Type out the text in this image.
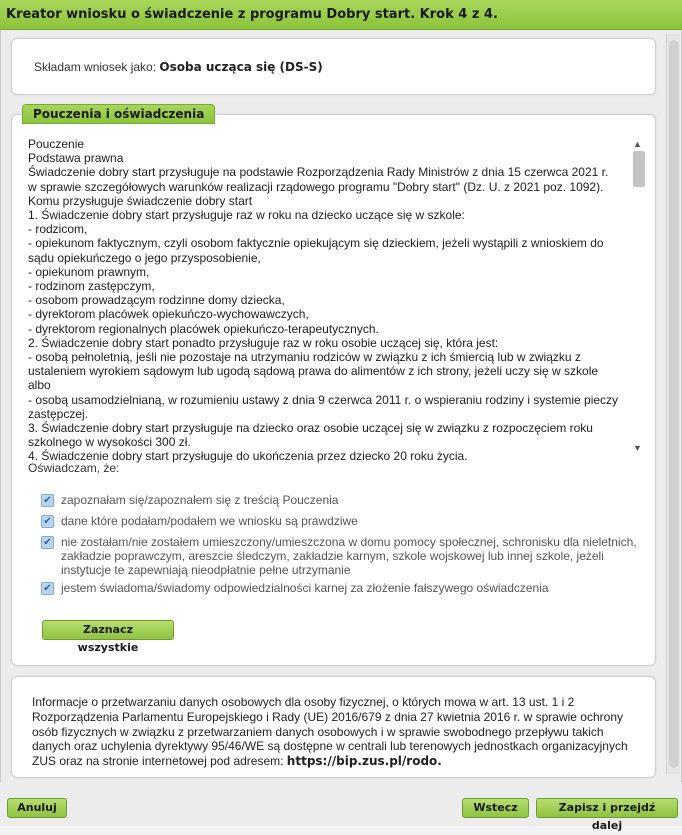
Kreator wniosku o świadczenie z programu Dobry start. Krok 4 z 4.
Składam wniosek jako: Osoba ucząca się (DS-S)
Pouczenie
Podstawa prawna
Świadczenie dobry start przysługuje na podstawie Rozporządzenia Rady Ministrów z dnia 15 czerwca 2021 r.
w sprawie szczegółowych warunków realizacji rządowego programu "Dobry start" (Dz. U. z 2021 poz. 1092).
Komu przysługuje świadczenie dobry start
1. Świadczenie dobry start przysługuje raz w roku na dziecko uczące się w szkole:
- rodzicom,
- opiekunom faktycznym, czyli osobom faktycznie opiekującym się dzieckiem, jeżeli wystąpili z wnioskiem do
sądu opiekuńczego o jego przysposobienie,
- opiekunom prawnym,
- rodzinom zastępczym,
- osobom prowadzącym rodzinne domy dziecka,
- dyrektorom placówek opiekuńczo-wychowawczych,
- dyrektorom regionalnych placówek opiekuńczo-terapeutycznych.
2. Świadczenie dobry start ponadto przysługuje raz w roku osobie uczącej się, która jest:
- osobą pełnoletnią, jeśli nie pozostaje na utrzymaniu rodziców w związku z ich śmiercią lub w związku z
ustaleniem wyrokiem sądowym lub ugodą sądową prawa do alimentów z ich strony, jeżeli uczy się w szkole
albo
- osobą usamodzielnianą, w rozumieniu ustawy z dnia 9 czerwca 2011 r. o wspieraniu rodziny i systemie pieczy
zastępczej.
3. Świadczenie dobry start przysługuje na dziecko oraz osobie uczącej się w związku z rozpoczęciem roku
szkolnego w wysokości 300 zł.
4. Świadczenie dobry start przysługuje do ukończenia przez dziecko 20 roku życia.
▲
▼
Oświadczam, że:
✔ zapoznałam się/zapoznałem się z treścią Pouczenia
✔ dane które podałam/podałem we wniosku są prawdziwe
✔ nie zostałam/nie zostałem umieszczony/umieszczona w domu pomocy społecznej, schronisku dla nieletnich, zakładzie poprawczym, areszcie śledczym, zakładzie karnym, szkole wojskowej lub innej szkole, jeżeli instytucje te zapewniają nieodpłatnie pełne utrzymanie
✔ jestem świadoma/świadomy odpowiedzialności karnej za złożenie fałszywego oświadczenia
Zaznacz wszystkie
Pouczenia i oświadczenia
Informacje o przetwarzaniu danych osobowych dla osoby fizycznej, o których mowa w art. 13 ust. 1 i 2 Rozporządzenia Parlamentu Europejskiego i Rady (UE) 2016/679 z dnia 27 kwietnia 2016 r. w sprawie ochrony osób fizycznych w związku z przetwarzaniem danych osobowych i w sprawie swobodnego przepływu takich danych oraz uchylenia dyrektywy 95/46/WE są dostępne w centrali lub terenowych jednostkach organizacyjnych ZUS oraz na stronie internetowej pod adresem: https://bip.zus.pl/rodo.
Anuluj	Wstecz	Zapisz i przejdź dalej
